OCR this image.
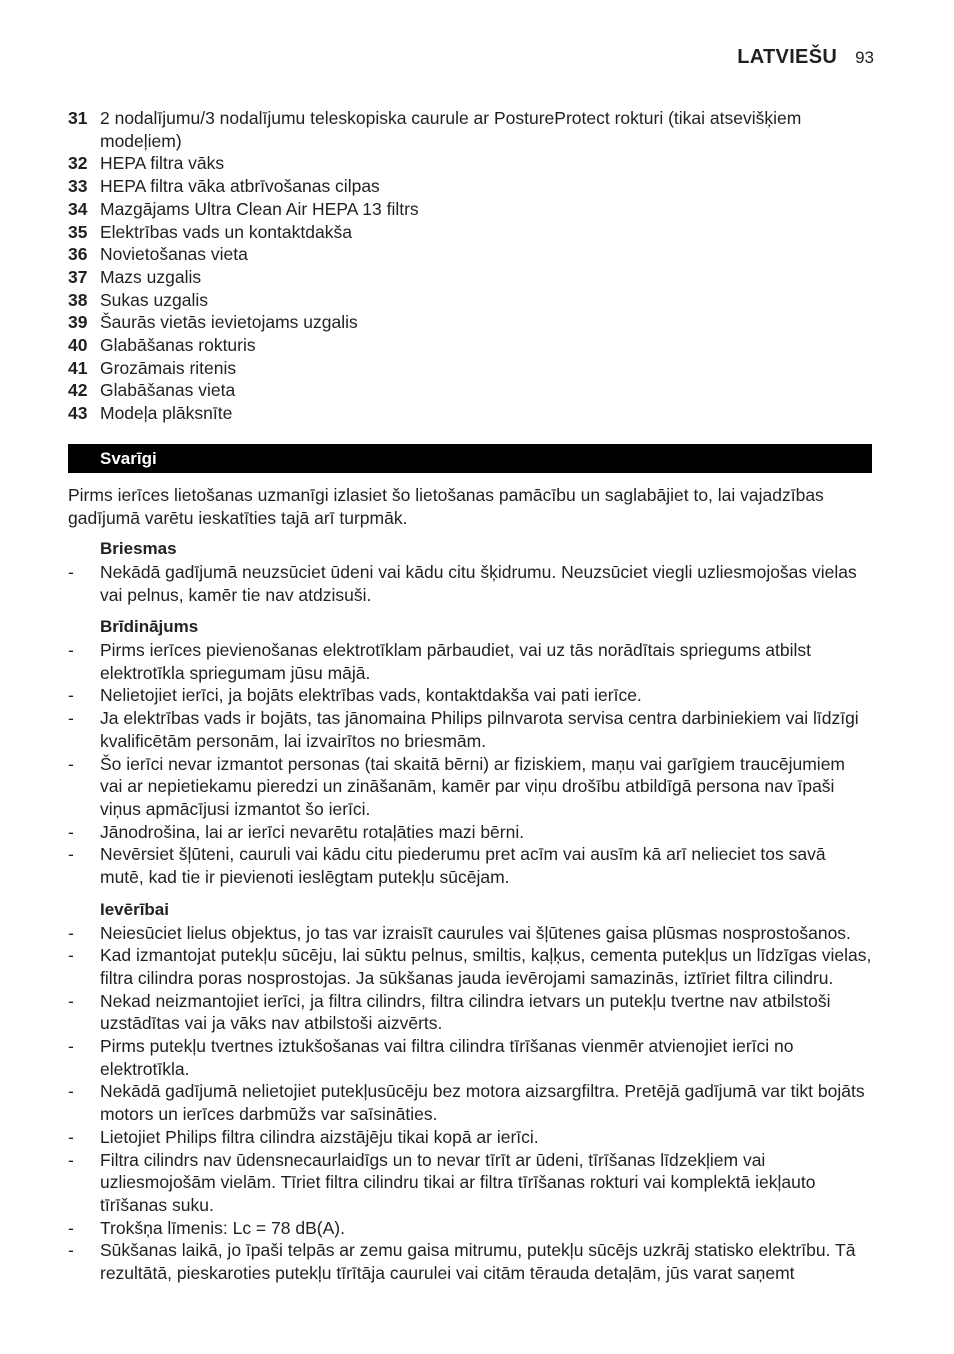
LATVIEŠU 93
31 2 nodalījumu/3 nodalījumu teleskopiska caurule ar PostureProtect rokturi (tikai atsevišķiem modeļiem)
32 HEPA filtra vāks
33 HEPA filtra vāka atbrīvošanas cilpas
34 Mazgājams Ultra Clean Air HEPA 13 filtrs
35 Elektrības vads un kontaktdakša
36 Novietošanas vieta
37 Mazs uzgalis
38 Sukas uzgalis
39 Šaurās vietās ievietojams uzgalis
40 Glabāšanas rokturis
41 Grozāmais ritenis
42 Glabāšanas vieta
43 Modeļa plāksnīte
Svarīgi

Pirms ierīces lietošanas uzmanīgi izlasiet šo lietošanas pamācību un saglabājiet to, lai vajadzības gadījumā varētu ieskatīties tajā arī turpmāk.

Briesmas
-	Nekādā gadījumā neuzsūciet ūdeni vai kādu citu šķidrumu. Neuzsūciet viegli uzliesmojošas vielas vai pelnus, kamēr tie nav atdzisuši.
Brīdinājums
-	Pirms ierīces pievienošanas elektrotīklam pārbaudiet, vai uz tās norādītais spriegums atbilst elektrotīkla spriegumam jūsu mājā.
-	Nelietojiet ierīci, ja bojāts elektrības vads, kontaktdakša vai pati ierīce.
-	Ja elektrības vads ir bojāts, tas jānomaina Philips pilnvarota servisa centra darbiniekiem vai līdzīgi kvalificētām personām, lai izvairītos no briesmām.
-	Šo ierīci nevar izmantot personas (tai skaitā bērni) ar fiziskiem, maņu vai garīgiem traucējumiem vai ar nepietiekamu pieredzi un zināšanām, kamēr par viņu drošību atbildīgā persona nav īpaši viņus apmācījusi izmantot šo ierīci.
-	Jānodrošina, lai ar ierīci nevarētu rotaļāties mazi bērni.
-	Nevērsiet šļūteni, cauruli vai kādu citu piederumu pret acīm vai ausīm kā arī nelieciet tos savā mutē, kad tie ir pievienoti ieslēgtam putekļu sūcējam.
Ievērībai
-	Neiesūciet lielus objektus, jo tas var izraisīt caurules vai šļūtenes gaisa plūsmas nosprostošanos.
-	Kad izmantojat putekļu sūcēju, lai sūktu pelnus, smiltis, kaļķus, cementa putekļus un līdzīgas vielas, filtra cilindra poras nosprostojas. Ja sūkšanas jauda ievērojami samazinās, iztīriet filtra cilindru.
-	Nekad neizmantojiet ierīci, ja filtra cilindrs, filtra cilindra ietvars un putekļu tvertne nav atbilstoši uzstādītas vai ja vāks nav atbilstoši aizvērts.
-	Pirms putekļu tvertnes iztukšošanas vai filtra cilindra tīrīšanas vienmēr atvienojiet ierīci no elektrotīkla.
-	Nekādā gadījumā nelietojiet putekļusūcēju bez motora aizsargfiltra. Pretējā gadījumā var tikt bojāts motors un ierīces darbmūžs var saīsināties.
-	Lietojiet Philips filtra cilindra aizstājēju tikai kopā ar ierīci.
-	Filtra cilindrs nav ūdensnecaurlaidīgs un to nevar tīrīt ar ūdeni, tīrīšanas līdzekļiem vai uzliesmojošām vielām. Tīriet filtra cilindru tikai ar filtra tīrīšanas rokturi vai komplektā iekļauto tīrīšanas suku.
-	Trokšņa līmenis: Lc = 78 dB(A).
-	Sūkšanas laikā, jo īpaši telpās ar zemu gaisa mitrumu, putekļu sūcējs uzkrāj statisko elektrību. Tā rezultātā, pieskaroties putekļu tīrītāja caurulei vai citām tērauda detaļām, jūs varat saņemt
